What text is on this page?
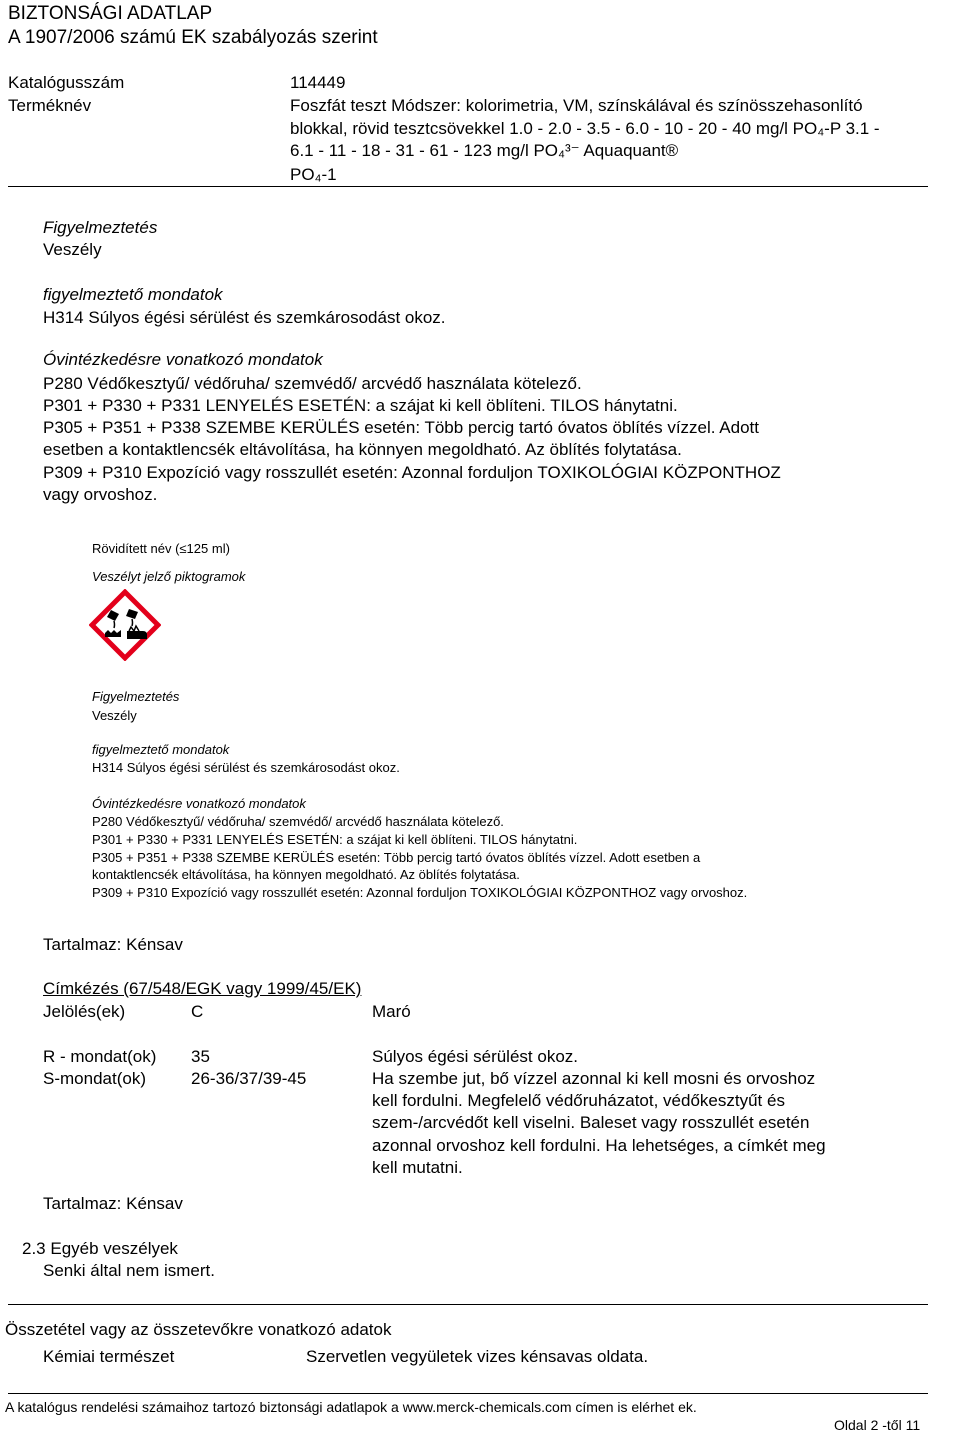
BIZTONSÁGI ADATLAP
A 1907/2006 számú EK szabályozás szerint
Katalógusszám	114449
Terméknév	Foszfát teszt Módszer: kolorimetria, VM, színskálával és színösszehasonlító
blokkal, rövid tesztcsövekkel 1.0 - 2.0 - 3.5 - 6.0 - 10 - 20 - 40 mg/l PO₄-P 3.1 -
6.1 - 11 - 18 - 31 - 61 - 123 mg/l PO₄³⁻ Aquaquant®
PO₄-1
Figyelmeztetés
Veszély
figyelmeztető mondatok
H314 Súlyos égési sérülést és szemkárosodást okoz.
Óvintézkedésre vonatkozó mondatok
P280 Védőkesztyű/ védőruha/ szemvédő/ arcvédő használata kötelező.
P301 + P330 + P331 LENYELÉS ESETÉN: a szájat ki kell öblíteni. TILOS hánytatni.
P305 + P351 + P338 SZEMBE KERÜLÉS esetén: Több percig tartó óvatos öblítés vízzel. Adott
esetben a kontaktlencsék eltávolítása, ha könnyen megoldható. Az öblítés folytatása.
P309 + P310 Expozíció vagy rosszullét esetén: Azonnal forduljon TOXIKOLÓGIAI KÖZPONTHOZ
vagy orvoshoz.
Rövidített név (≤125 ml)
Veszélyt jelző piktogramok
Figyelmeztetés
Veszély
figyelmeztető mondatok
H314 Súlyos égési sérülést és szemkárosodást okoz.
Óvintézkedésre vonatkozó mondatok
P280 Védőkesztyű/ védőruha/ szemvédő/ arcvédő használata kötelező.
P301 + P330 + P331 LENYELÉS ESETÉN: a szájat ki kell öblíteni. TILOS hánytatni.
P305 + P351 + P338 SZEMBE KERÜLÉS esetén: Több percig tartó óvatos öblítés vízzel. Adott esetben a
kontaktlencsék eltávolítása, ha könnyen megoldható. Az öblítés folytatása.
P309 + P310 Expozíció vagy rosszullét esetén: Azonnal forduljon TOXIKOLÓGIAI KÖZPONTHOZ vagy orvoshoz.
Tartalmaz: Kénsav
Címkézés (67/548/EGK vagy 1999/45/EK)
Jelölés(ek)	C	Maró
R - mondat(ok) 35	Súlyos égési sérülést okoz.
S-mondat(ok)	26-36/37/39-45	Ha szembe jut, bő vízzel azonnal ki kell mosni és orvoshoz
kell fordulni. Megfelelő védőruházatot, védőkesztyűt és
szem-/arcvédőt kell viselni. Baleset vagy rosszullét esetén
azonnal orvoshoz kell fordulni. Ha lehetséges, a címkét meg
kell mutatni.
Tartalmaz: Kénsav
2.3 Egyéb veszélyek
Senki által nem ismert.
Összetétel vagy az összetevőkre vonatkozó adatok
Kémiai természet	Szervetlen vegyületek vizes kénsavas oldata.
A katalógus rendelési számaihoz tartozó biztonsági adatlapok a www.merck-chemicals.com címen is elérhet ek.
Oldal 2 -től 11
